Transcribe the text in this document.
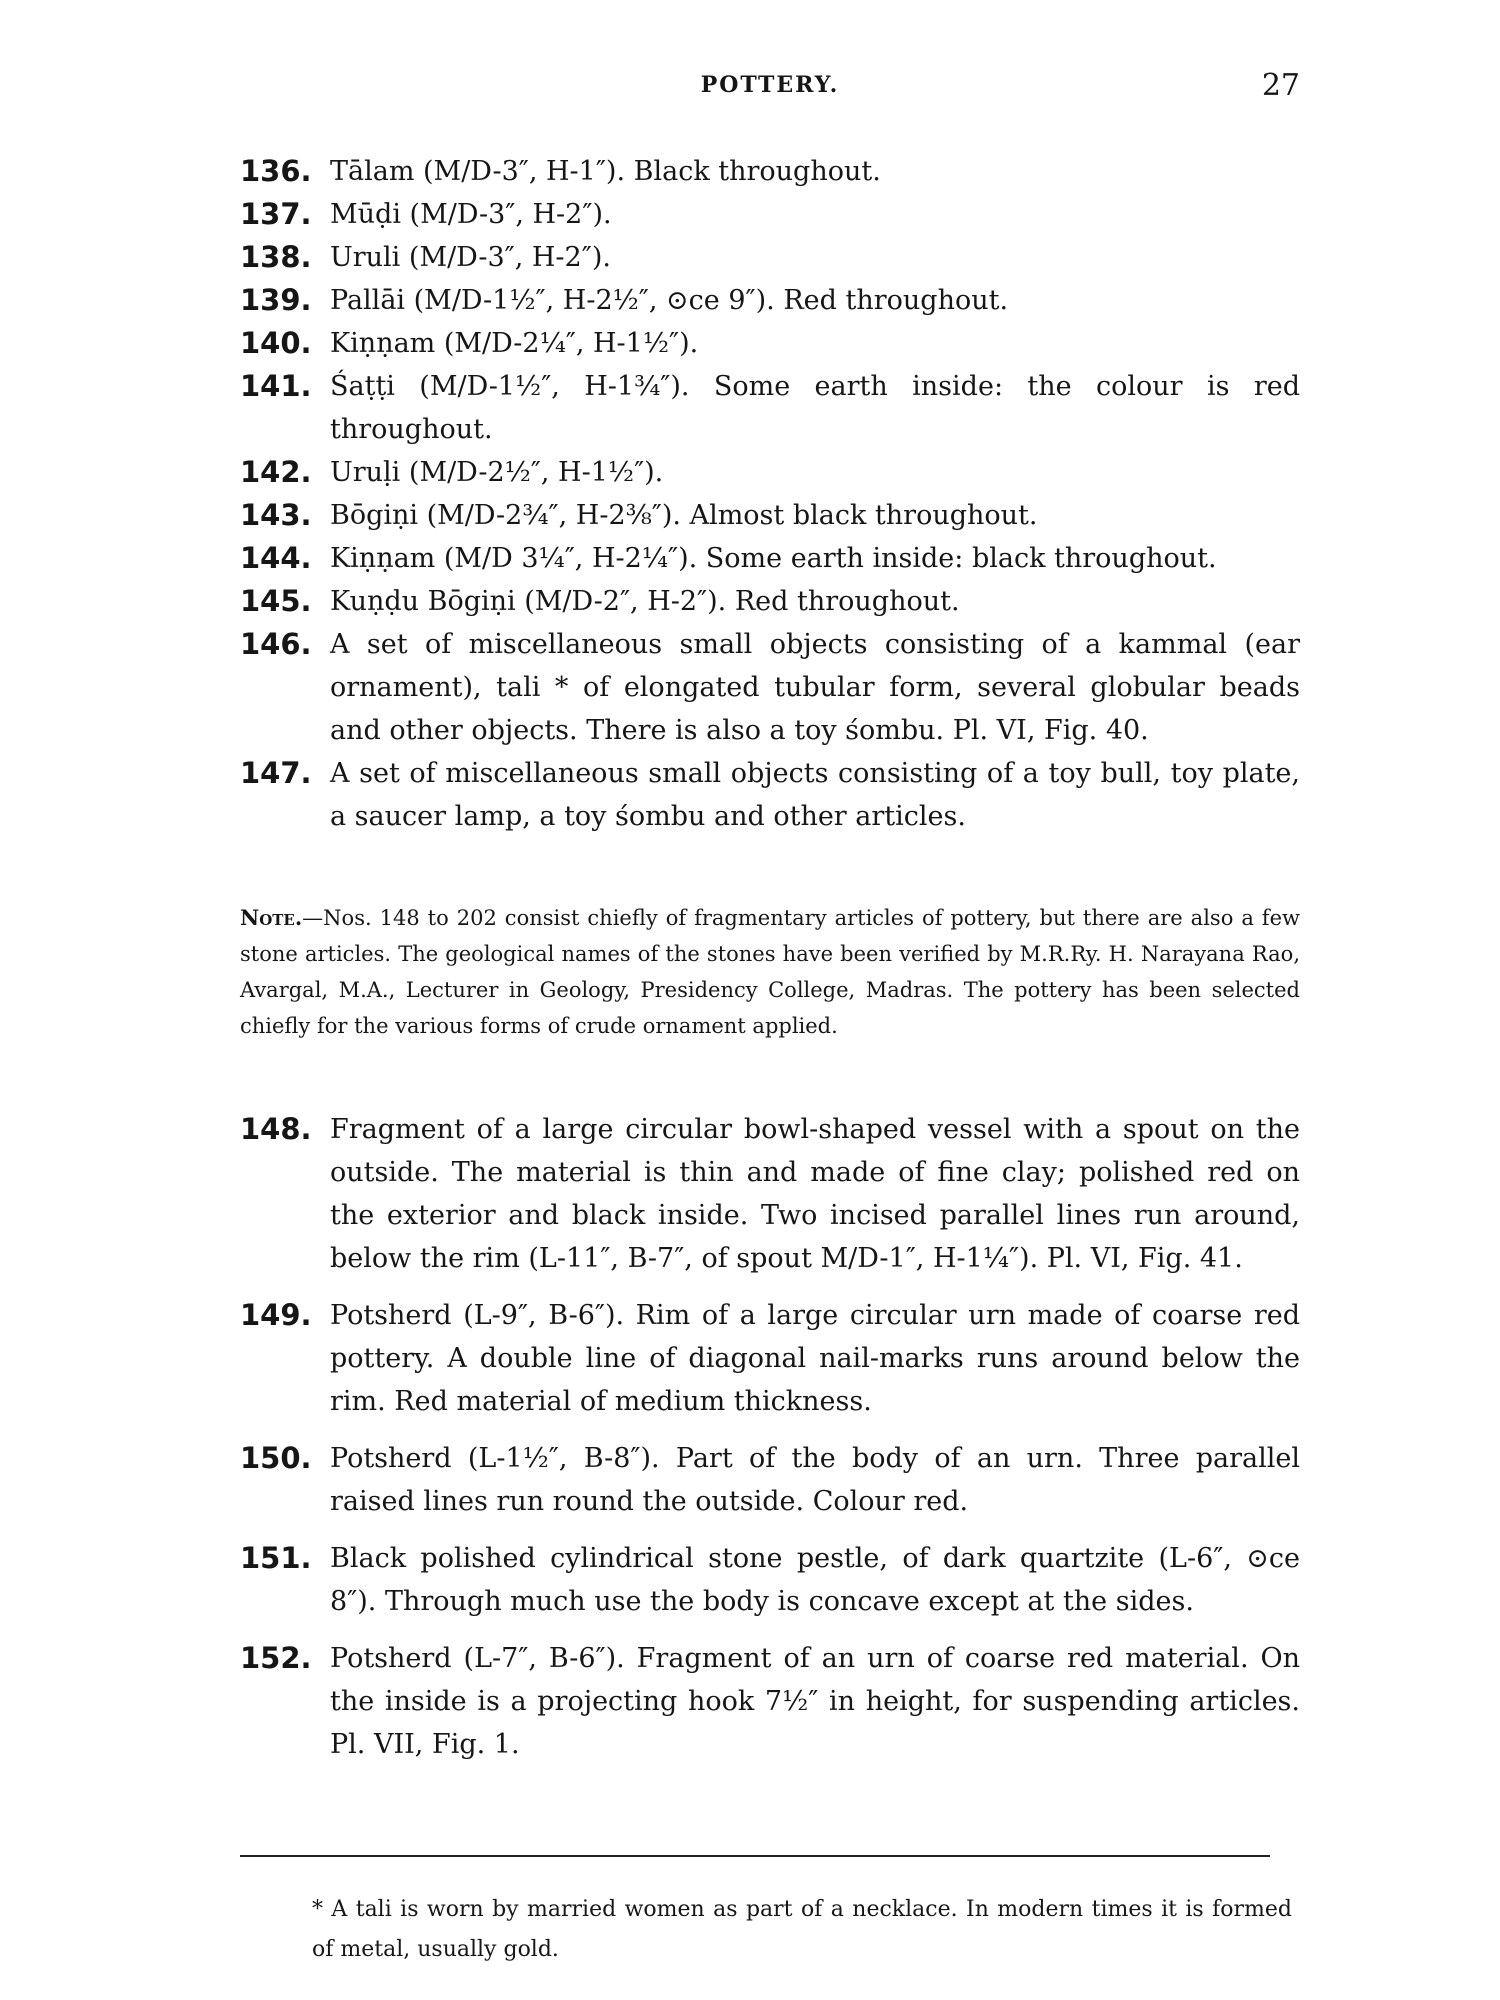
POTTERY.	27
136. Tālam (M/D-3″, H-1″). Black throughout.
137. Mūḍi (M/D-3″, H-2″).
138. Uruli (M/D-3″, H-2″).
139. Pallāi (M/D-1½″, H-2½″, ⊙ce 9″). Red throughout.
140. Kiṇṇam (M/D-2¼″, H-1½″).
141. Śaṭṭi (M/D-1½″, H-1¾″). Some earth inside: the colour is red throughout.
142. Uruḷi (M/D-2½″, H-1½″).
143. Bōgiṇi (M/D-2¾″, H-2⅜″). Almost black throughout.
144. Kiṇṇam (M/D 3¼″, H-2¼″). Some earth inside: black throughout.
145. Kuṇḍu Bōgiṇi (M/D-2″, H-2″). Red throughout.
146. A set of miscellaneous small objects consisting of a kammal (ear ornament), tali * of elongated tubular form, several globular beads and other objects. There is also a toy śombu. Pl. VI, Fig. 40.
147. A set of miscellaneous small objects consisting of a toy bull, toy plate, a saucer lamp, a toy śombu and other articles.
Note.—Nos. 148 to 202 consist chiefly of fragmentary articles of pottery, but there are also a few stone articles. The geological names of the stones have been verified by M.R.Ry. H. Narayana Rao, Avargal, M.A., Lecturer in Geology, Presidency College, Madras. The pottery has been selected chiefly for the various forms of crude ornament applied.
148. Fragment of a large circular bowl-shaped vessel with a spout on the outside. The material is thin and made of fine clay; polished red on the exterior and black inside. Two incised parallel lines run around, below the rim (L-11″, B-7″, of spout M/D-1″, H-1¼″). Pl. VI, Fig. 41.
149. Potsherd (L-9″, B-6″). Rim of a large circular urn made of coarse red pottery. A double line of diagonal nail-marks runs around below the rim. Red material of medium thickness.
150. Potsherd (L-1½″, B-8″). Part of the body of an urn. Three parallel raised lines run round the outside. Colour red.
151. Black polished cylindrical stone pestle, of dark quartzite (L-6″, ⊙ce 8″). Through much use the body is concave except at the sides.
152. Potsherd (L-7″, B-6″). Fragment of an urn of coarse red material. On the inside is a projecting hook 7½″ in height, for suspending articles. Pl. VII, Fig. 1.
* A tali is worn by married women as part of a necklace. In modern times it is formed of metal, usually gold.
